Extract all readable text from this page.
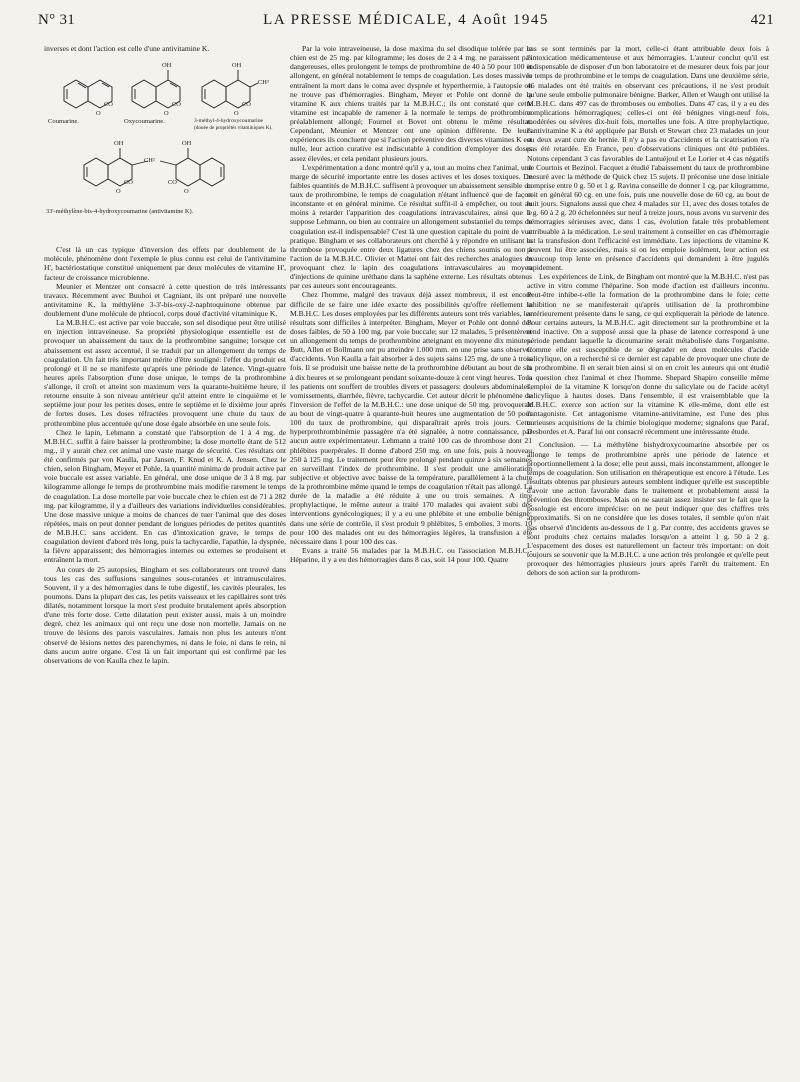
N° 31	LA PRESSE MÉDICALE, 4 Août 1945	421

inverses et dont l'action est celle d'une antivitamine K.

CO
O
OH
CO
O
OH
CH³
CO
O
Coumarine.	Oxycoumarine.	3-méthyl-4-hydroxycoumarine
(douée de propriétés vitaminiques K).
OH
CH²
OH
CO
O
CO
O
33'-méthylène-bis-4-hydroxycoumarine (antivitamine K).

C'est là un cas typique d'inversion des effets par doublement de la molécule, phénomène dont l'exemple le plus connu est celui de l'antivitamine H', bactériostatique constitué uniquement par deux molécules de vitamine H', facteur de croissance microbienne.

Meunier et Mentzer ont consacré à cette question de très intéressants travaux. Récemment avec Buuhoi et Cagniant, ils ont préparé une nouvelle antivitamine K, la méthylène 3-3'-bis-oxy-2-naphtoquinone obtenue par doublement d'une molécule de phtiocol, corps doué d'activité vitaminique K.

La M.B.H.C. est active par voie buccale, son sel disodique peut être utilisé en injection intraveineuse. Sa propriété physiologique essentielle est de provoquer un abaissement du taux de la prothrombine sanguine; lorsque cet abaissement est assez accentué, il se traduit par un allongement du temps de coagulation. Un fait très important mérite d'être souligné: l'effet du produit est prolongé et il ne se manifeste qu'après une période de latence. Vingt-quatre heures après l'absorption d'une dose unique, le temps de la prothrombine s'allonge, il croît et atteint son maximum vers la quarante-huitième heure, il retourne ensuite à son niveau antérieur qu'il atteint entre le cinquième et le septième jour pour les petites doses, entre le septième et le dixième jour après de fortes doses. Les doses réfractées provoquent une chute du taux de prothrombine plus accentuée qu'une dose égale absorbée en une seule fois.

Chez le lapin, Lehmann a constaté que l'absorption de 1 à 4 mg. de M.B.H.C. suffit à faire baisser la prothrombine; la dose mortelle étant de 512 mg., il y aurait chez cet animal une vaste marge de sécurité. Ces résultats ont été confirmés par von Kaulla, par Jansen, F. Knud et K. A. Jensen. Chez le chien, selon Bingham, Meyer et Pohle, la quantité minima de produit active par voie buccale est assez variable. En général, une dose unique de 3 à 8 mg. par kilogramme allonge le temps de prothrombine mais modifie rarement le temps de coagulation. La dose mortelle par voie buccale chez le chien est de 71 à 282 mg. par kilogramme, il y a d'ailleurs des variations individuelles considérables. Une dose massive unique a moins de chances de tuer l'animal que des doses répétées, mais on peut donner pendant de longues périodes de petites quantités de M.B.H.C. sans accident. En cas d'intoxication grave, le temps de coagulation devient d'abord très long, puis la tachycardie, l'apathie, la dyspnée, la fièvre apparaissent; des hémorragies internes ou externes se produisent et entraînent la mort.

Au cours de 25 autopsies, Bingham et ses collaborateurs ont trouvé dans tous les cas des suffusions sanguines sous-cutanées et intramusculaires. Souvent, il y a des hémorragies dans le tube digestif, les cavités pleurales, les poumons. Dans la plupart des cas, les petits vaisseaux et les capillaires sont très dilatés, notamment lorsque la mort s'est produite brutalement après absorption d'une très forte dose. Cette dilatation peut exister aussi, mais à un moindre degré, chez les animaux qui ont reçu une dose non mortelle. Jamais on ne trouve de lésions des parois vasculaires. Jamais non plus les auteurs n'ont observé de lésions nettes des parenchymes, ni dans le foie, ni dans le rein, ni dans aucun autre organe. C'est là un fait important qui est confirmé par les observations de von Kaulla chez le lapin.

Par la voie intraveineuse, la dose maxima du sel disodique tolérée par le chien est de 25 mg. par kilogramme; les doses de 2 à 4 mg. ne paraissent pas dangereuses, elles prolongent le temps de prothrombine de 40 à 50 pour 100 et allongent, en général notablement le temps de coagulation. Les doses massives entraînent la mort dans le coma avec dyspnée et hyperthermie, à l'autopsie on ne trouve pas d'hémorragies. Bingham, Meyer et Pohle ont donné de la vitamine K aux chiens traités par la M.B.H.C.; ils ont constaté que cette vitamine est incapable de ramener à la normale le temps de prothrombine préalablement allongé; Fournel et Bovet ont obtenu le même résultat. Cependant, Meunier et Mentzer ont une opinion différente. De leurs expériences ils concluent que si l'action préventive des diverses vitamines K est nulle, leur action curative est indiscutable à condition d'employer des doses assez élevées, et cela pendant plusieurs jours.

L'expérimentation a donc montré qu'il y a, tout au moins chez l'animal, une marge de sécurité importante entre les doses actives et les doses toxiques. De faibles quantités de M.B.H.C. suffisent à provoquer un abaissement sensible du taux de prothrombine, le temps de coagulation n'étant influencé que de façon inconstante et en général minime. Ce résultat suffit-il à empêcher, ou tout au moins à retarder l'apparition des coagulations intravasculaires, ainsi que le suppose Lehmann, ou bien au contraire un allongement substantiel du temps de coagulation est-il indispensable? C'est là une question capitale du point de vue pratique. Bingham et ses collaborateurs ont cherché à y répondre en utilisant la thrombose provoquée entre deux ligatures chez des chiens soumis ou non à l'action de la M.B.H.C. Olivier et Mattei ont fait des recherches analogues en provoquant chez le lapin des coagulations intravasculaires au moyen d'injections de quinine uréthane dans la saphène externe. Les résultats obtenus par ces auteurs sont encourageants.

Chez l'homme, malgré des travaux déjà assez nombreux, il est encore difficile de se faire une idée exacte des possibilités qu'offre réellement la M.B.H.C. Les doses employées par les différents auteurs sont très variables, les résultats sont difficiles à interpréter. Bingham, Meyer et Pohle ont donné des doses faibles, de 50 à 100 mg. par voie buccale; sur 12 malades, 5 présentèrent un allongement du temps de prothrombine atteignant en moyenne dix minutes. Butt, Allen et Bollmann ont pu atteindre 1.000 mm. en une prise sans observer d'accidents. Von Kaulla a fait absorber à des sujets sains 125 mg. de une à trois fois. Il se produisit une baisse nette de la prothrombine débutant au bout de six à dix heures et se prolongeant pendant soixante-douze à cent vingt heures. Tous les patients ont souffert de troubles divers et passagers: douleurs abdominales, vomissements, diarrhée, fièvre, tachycardie. Cet auteur décrit le phénomène de l'inversion de l'effet de la M.B.H.C.: une dose unique de 50 mg. provoquerait au bout de vingt-quatre à quarante-huit heures une augmentation de 50 pour 100 du taux de prothrombine, qui disparaîtrait après trois jours. Cette hyperprothrombinémie passagère n'a été signalée, à notre connaissance, par aucun autre expérimentateur. Lehmann a traité 100 cas de thrombose dont 21 phlébites puerpérales. Il donne d'abord 250 mg. en une fois, puis à nouveau 250 à 125 mg. Le traitement peut être prolongé pendant quinze à six semaines en surveillant l'index de prothrombine. Il s'est produit une amélioration subjective et objective avec baisse de la température, parallèlement à la chute de la prothrombine même quand le temps de coagulation n'était pas allongé. La durée de la maladie a été réduite à une ou trois semaines. A titre prophylactique, le même auteur a traité 170 malades qui avaient subi des interventions gynécologiques; il y a eu une phlébite et une embolie bénigne; dans une série de contrôle, il s'est produit 9 phlébites, 5 embolies, 3 morts. 10 pour 100 des malades ont eu des hémorragies légères, la transfusion a été nécessaire dans 1 pour 100 des cas.

Evans a traité 56 malades par la M.B.H.C. ou l'association M.B.H.C.-Héparine, il y a eu des hémorragies dans 8 cas, soit 14 pour 100. Quatre

cas se sont terminés par la mort, celle-ci étant attribuable deux fois à l'intoxication médicamenteuse et aux hémorragies. L'auteur conclut qu'il est indispensable de disposer d'un bon laboratoire et de mesurer deux fois par jour le temps de prothrombine et le temps de coagulation. Dans une deuxième série, 46 malades ont été traités en observant ces précautions, il ne s'est produit qu'une seule embolie pulmonaire bénigne. Barker, Allen et Waugh ont utilisé la M.B.H.C. dans 497 cas de thromboses ou embolies. Dans 47 cas, il y a eu des complications hémorragiques; celles-ci ont été bénignes vingt-neuf fois, modérées ou sévères dix-huit fois, mortelles une fois. A titre prophylactique, l'antivitamine K a été appliquée par Butsh et Stewart chez 23 malades un jour ou deux avant cure de hernie. Il n'y a pas eu d'accidents et la cicatrisation n'a pas été retardée. En France, peu d'observations cliniques ont été publiées. Notons cependant 3 cas favorables de Lantuéjoul et Le Lorier et 4 cas négatifs de Courtois et Bezinol. Facquet a étudié l'abaissement du taux de prothrombine mesuré avec la méthode de Quick chez 15 sujets. Il préconise une dose initiale comprise entre 0 g. 50 et 1 g. Ravina conseille de donner 1 cg. par kilogramme, soit en général 60 cg. en une fois, puis une nouvelle dose de 60 cg. au bout de huit jours. Signalons aussi que chez 4 malades sur 11, avec des doses totales de 1 g. 60 à 2 g. 20 échelonnées sur neuf à treize jours, nous avons vu survenir des hémorragies sérieuses avec, dans 1 cas, évolution fatale très probablement attribuable à la médication. Le seul traitement à conseiller en cas d'hémorragie est la transfusion dont l'efficacité est immédiate. Les injections de vitamine K peuvent lui être associées, mais si on les emploie isolément, leur action est beaucoup trop lente en présence d'accidents qui demandent à être jugulés rapidement.

Les expériences de Link, de Bingham ont montré que la M.B.H.C. n'est pas active in vitro comme l'héparine. Son mode d'action est d'ailleurs inconnu. Peut-être inhibe-t-elle la formation de la prothrombine dans le foie; cette inhibition ne se manifesterait qu'après utilisation de la prothrombine antérieurement présente dans le sang, ce qui expliquerait la période de latence. Pour certains auteurs, la M.B.H.C. agit directement sur la prothrombine et la rend inactive. On a supposé aussi que la phase de latence correspond à une période pendant laquelle la dicoumarine serait métabolisée dans l'organisme. Comme elle est susceptible de se dégrader en deux molécules d'acide salicylique, on a recherché si ce dernier est capable de provoquer une chute de la prothrombine. Il en serait bien ainsi si on en croit les auteurs qui ont étudié la question chez l'animal et chez l'homme. Shepard Shapiro conseille même l'emploi de la vitamine K lorsqu'on donne du salicylate ou de l'acide acétyl salicylique à hautes doses. Dans l'ensemble, il est vraisemblable que la M.B.H.C. exerce son action sur la vitamine K elle-même, dont elle est l'antagoniste. Cet antagonisme vitamine-antivitamine, est l'une des plus curieuses acquisitions de la chimie biologique moderne; signalons que Paraf, Desbordes et A. Paraf lui ont consacré récemment une intéressante étude.

Conclusion. — La méthylène bishydroxycoumarine absorbée per os allonge le temps de prothrombine après une période de latence et proportionnellement à la dose; elle peut aussi, mais inconstamment, allonger le temps de coagulation. Son utilisation en thérapeutique est encore à l'étude. Les résultats obtenus par plusieurs auteurs semblent indiquer qu'elle est susceptible d'avoir une action favorable dans le traitement et probablement aussi la prévention des thromboses. Mais on ne saurait assez insister sur le fait que la posologie est encore imprécise: on ne peut indiquer que des chiffres très approximatifs. Si on ne considère que les doses totales, il semble qu'on n'ait pas observé d'incidents au-dessous de 1 g. Par contre, des accidents graves se sont produits chez certains malades lorsqu'on a atteint 1 g. 50 à 2 g. L'espacement des doses est naturellement un facteur très important: on doit toujours se souvenir que la M.B.H.C. a une action très prolongée et qu'elle peut provoquer des hémorragies plusieurs jours après l'arrêt du traitement. En dehors de son action sur la prothrom-
